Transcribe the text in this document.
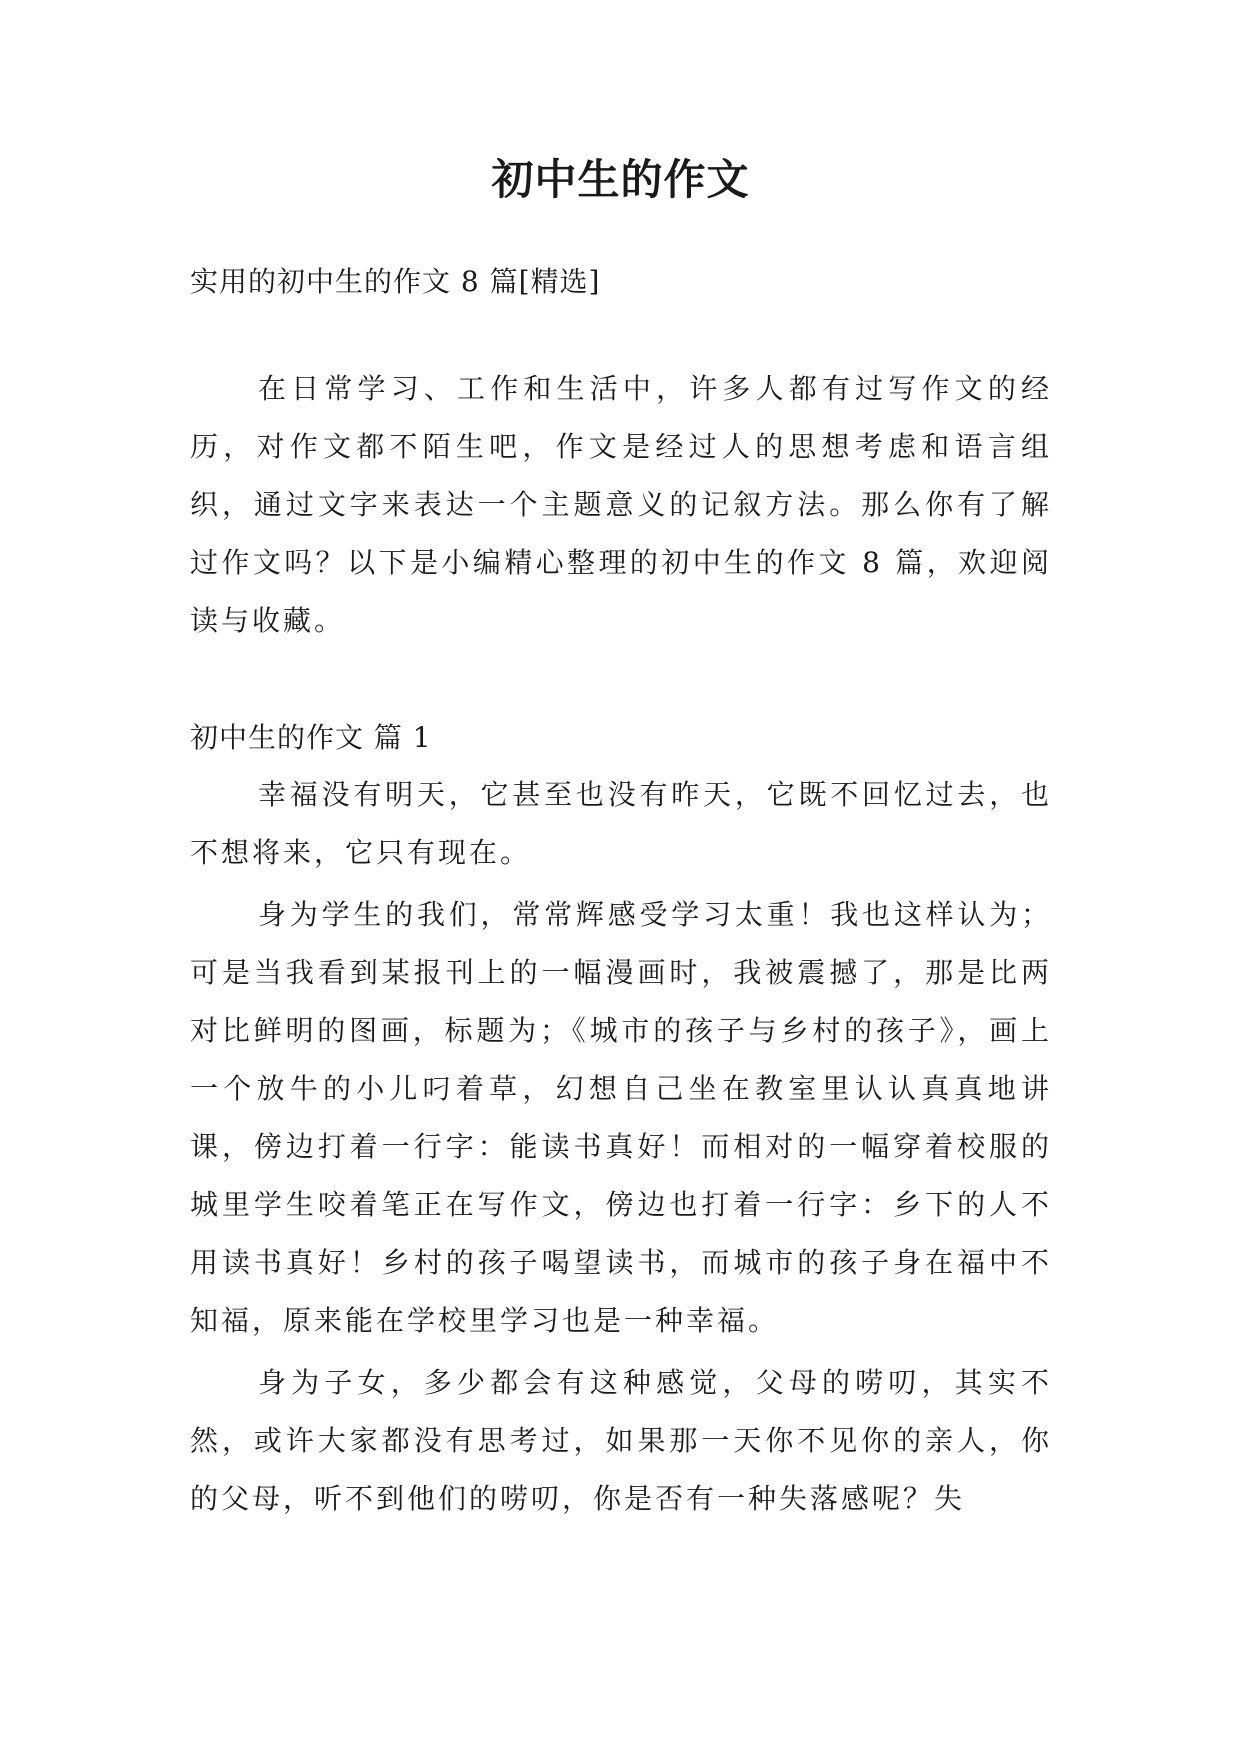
初中生的作文

实用的初中生的作文 8 篇[精选]

在日常学习、工作和生活中，许多人都有过写作文的经历，对作文都不陌生吧，作文是经过人的思想考虑和语言组织，通过文字来表达一个主题意义的记叙方法。那么你有了解过作文吗？以下是小编精心整理的初中生的作文 8 篇，欢迎阅读与收藏。

初中生的作文 篇 1

幸福没有明天，它甚至也没有昨天，它既不回忆过去，也不想将来，它只有现在。

身为学生的我们，常常辉感受学习太重！我也这样认为；可是当我看到某报刊上的一幅漫画时，我被震撼了，那是比两对比鲜明的图画，标题为；《城市的孩子与乡村的孩子》，画上一个放牛的小儿叼着草，幻想自己坐在教室里认认真真地讲课，傍边打着一行字：能读书真好！而相对的一幅穿着校服的城里学生咬着笔正在写作文，傍边也打着一行字：乡下的人不用读书真好！乡村的孩子喝望读书，而城市的孩子身在福中不知福，原来能在学校里学习也是一种幸福。

身为子女，多少都会有这种感觉，父母的唠叨，其实不然，或许大家都没有思考过，如果那一天你不见你的亲人，你的父母，听不到他们的唠叨，你是否有一种失落感呢？失
